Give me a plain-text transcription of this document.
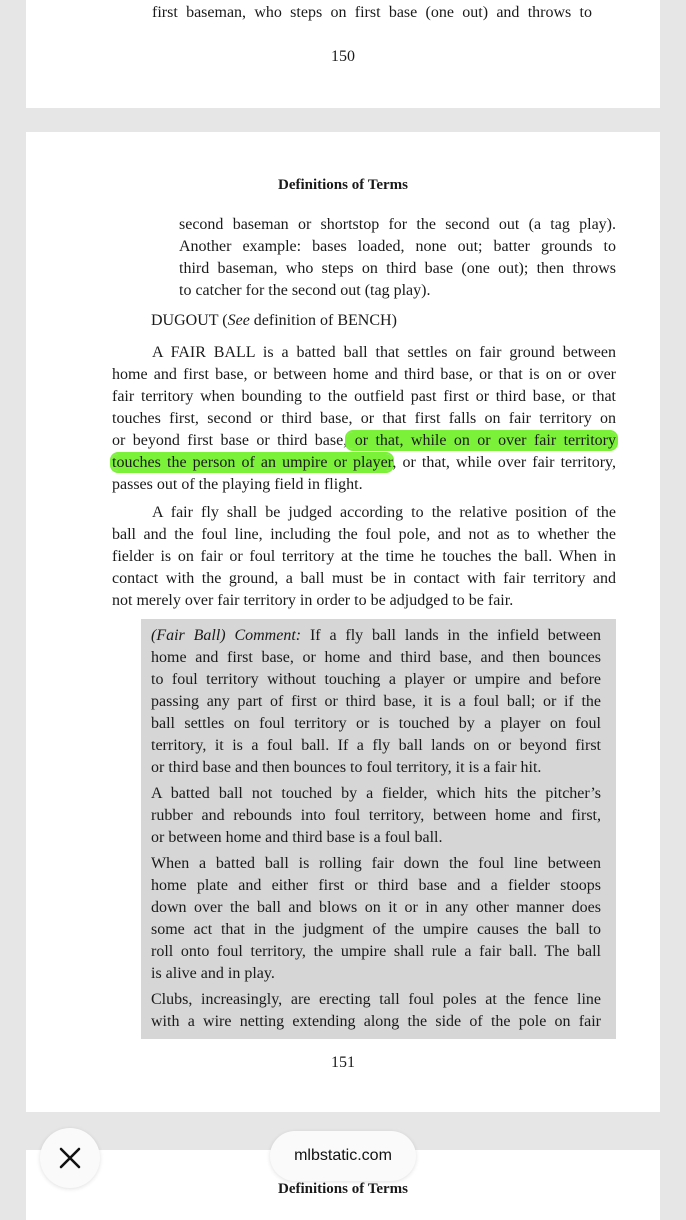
first baseman, who steps on first base (one out) and throws to

150

Definitions of Terms

second baseman or shortstop for the second out (a tag play).
Another example: bases loaded, none out; batter grounds to
third baseman, who steps on third base (one out); then throws
to catcher for the second out (tag play).

DUGOUT (See definition of BENCH)

A FAIR BALL is a batted ball that settles on fair ground between
home and first base, or between home and third base, or that is on or over
fair territory when bounding to the outfield past first or third base, or that
touches first, second or third base, or that first falls on fair territory on
or beyond first base or third base, or that, while on or over fair territory
touches the person of an umpire or player, or that, while over fair territory,
passes out of the playing field in flight.
A fair fly shall be judged according to the relative position of the
ball and the foul line, including the foul pole, and not as to whether the
fielder is on fair or foul territory at the time he touches the ball. When in
contact with the ground, a ball must be in contact with fair territory and
not merely over fair territory in order to be adjudged to be fair.
(Fair Ball) Comment: If a fly ball lands in the infield between
home and first base, or home and third base, and then bounces
to foul territory without touching a player or umpire and before
passing any part of first or third base, it is a foul ball; or if the
ball settles on foul territory or is touched by a player on foul
territory, it is a foul ball. If a fly ball lands on or beyond first
or third base and then bounces to foul territory, it is a fair hit.
A batted ball not touched by a fielder, which hits the pitcher’s
rubber and rebounds into foul territory, between home and first,
or between home and third base is a foul ball.
When a batted ball is rolling fair down the foul line between
home plate and either first or third base and a fielder stoops
down over the ball and blows on it or in any other manner does
some act that in the judgment of the umpire causes the ball to
roll onto foul territory, the umpire shall rule a fair ball. The ball
is alive and in play.
Clubs, increasingly, are erecting tall foul poles at the fence line
with a wire netting extending along the side of the pole on fair

151

Definitions of Terms

mlbstatic.com
